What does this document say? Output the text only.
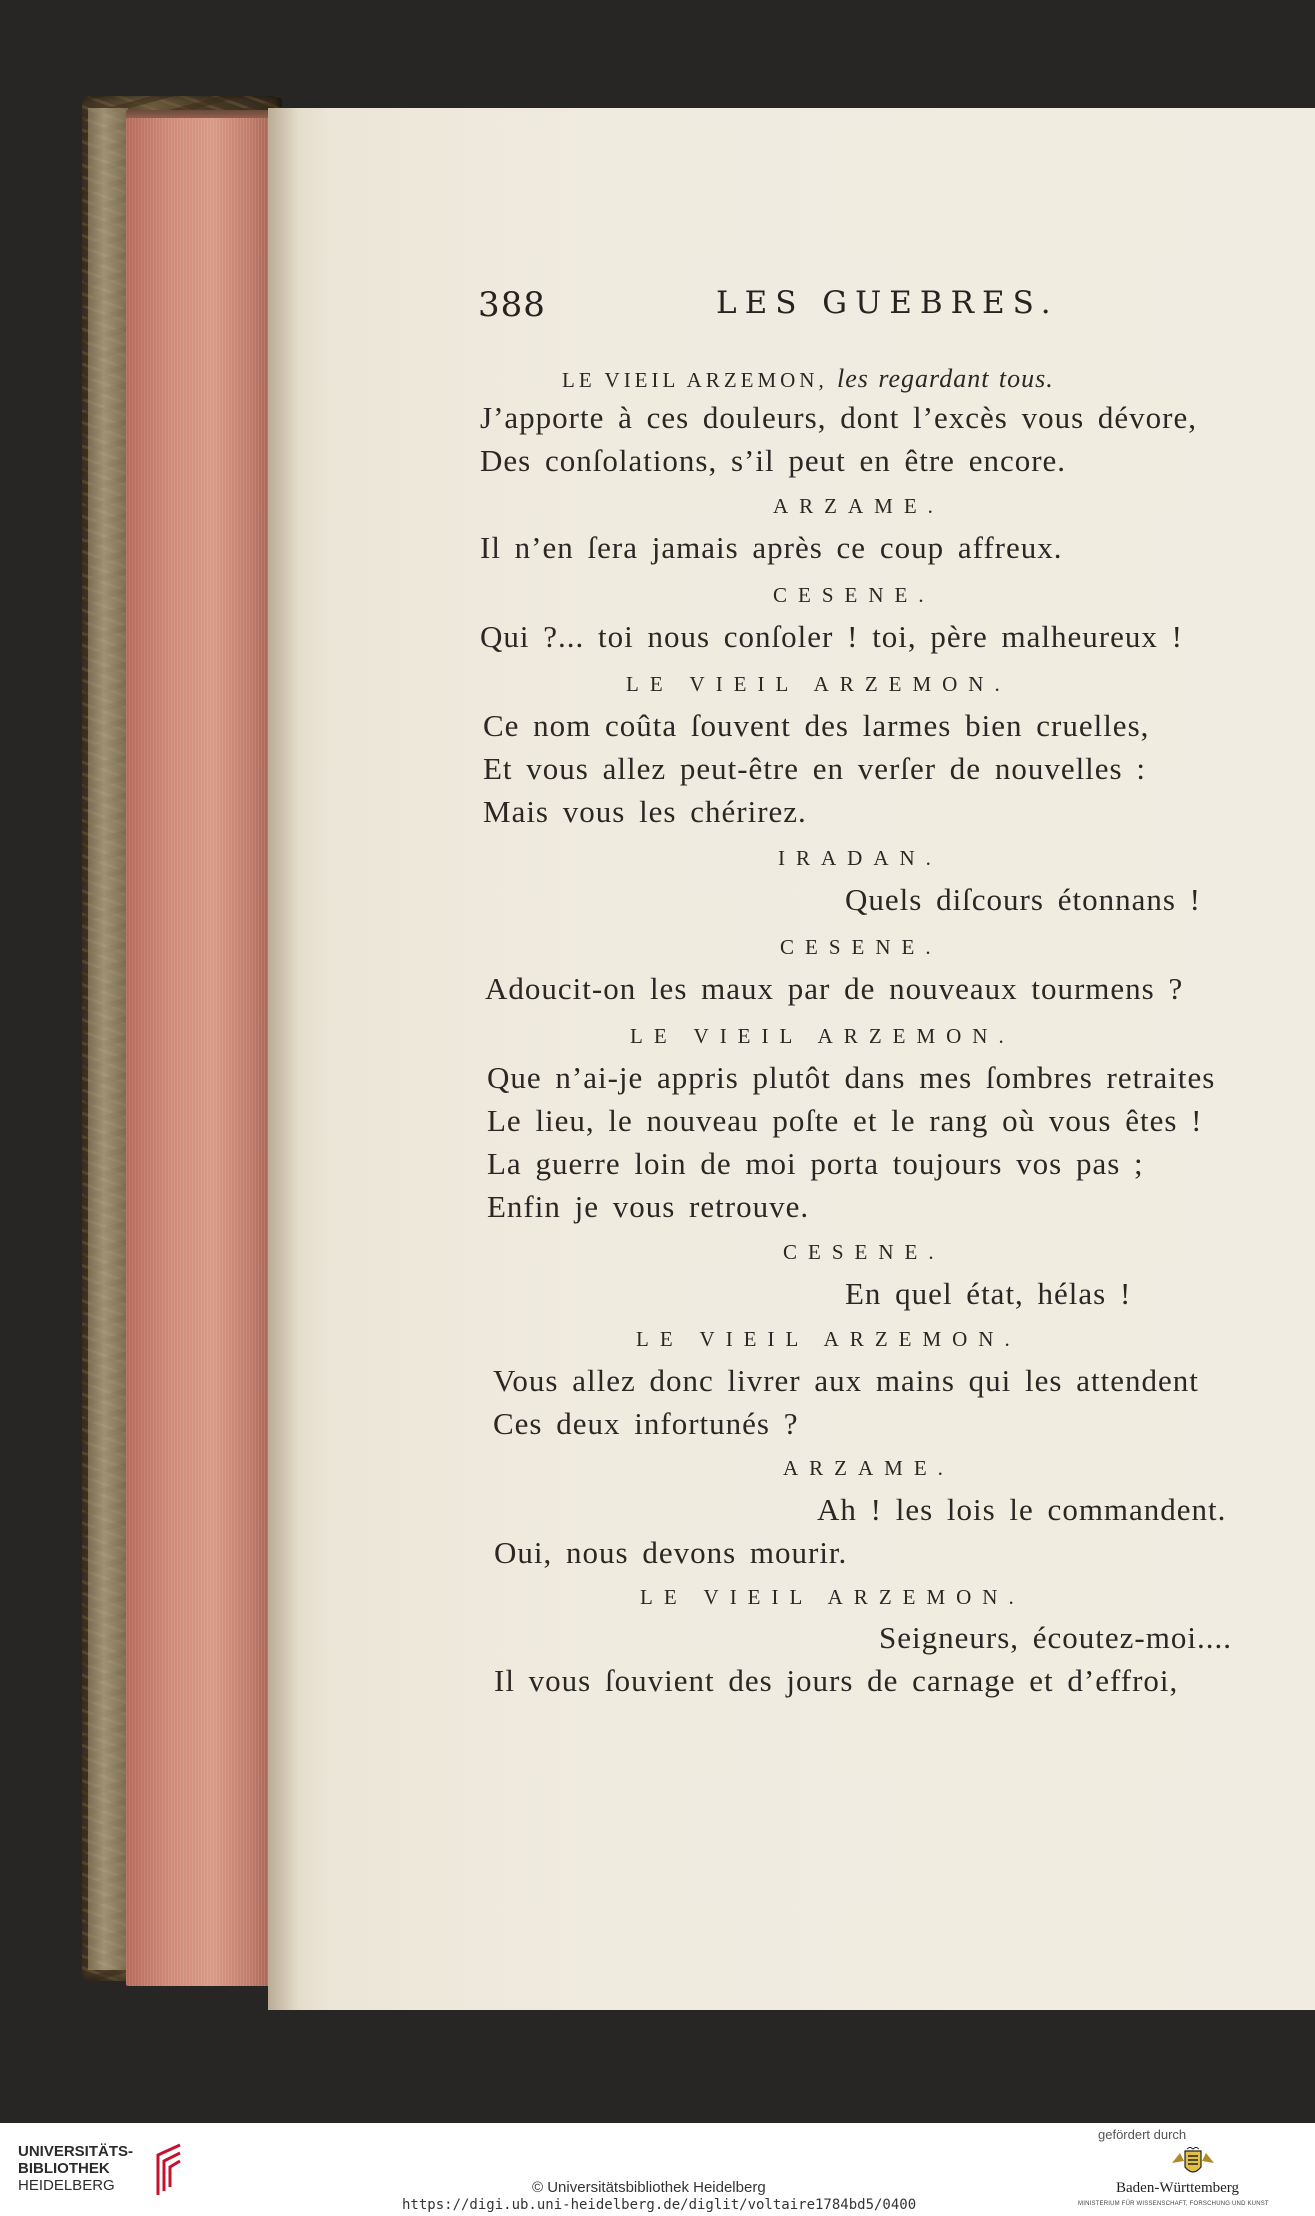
388	LES GUEBRES.
LE VIEIL ARZEMON, les regardant tous.
J’apporte à ces douleurs, dont l’excès vous dévore,
Des conſolations, s’il peut en être encore.
ARZAME.
Il n’en ſera jamais après ce coup affreux.
CESENE.
Qui ?... toi nous conſoler ! toi, père malheureux !
LE VIEIL ARZEMON.
Ce nom coûta ſouvent des larmes bien cruelles,
Et vous allez peut-être en verſer de nouvelles :
Mais vous les chérirez.
IRADAN.
Quels diſcours étonnans !
CESENE.
Adoucit-on les maux par de nouveaux tourmens ?
LE VIEIL ARZEMON.
Que n’ai-je appris plutôt dans mes ſombres retraites
Le lieu, le nouveau poſte et le rang où vous êtes !
La guerre loin de moi porta toujours vos pas ;
Enfin je vous retrouve.
CESENE.
En quel état, hélas !
LE VIEIL ARZEMON.
Vous allez donc livrer aux mains qui les attendent
Ces deux infortunés ?
ARZAME.
Ah ! les lois le commandent.
Oui, nous devons mourir.
LE VIEIL ARZEMON.
Seigneurs, écoutez-moi....
Il vous ſouvient des jours de carnage et d’effroi,
UNIVERSITÄTS-
BIBLIOTHEK
HEIDELBERG	© Universitätsbibliothek Heidelberg
https://digi.ub.uni-heidelberg.de/diglit/voltaire1784bd5/0400
gefördert durch
Baden-Württemberg
MINISTERIUM FÜR WISSENSCHAFT, FORSCHUNG UND KUNST
